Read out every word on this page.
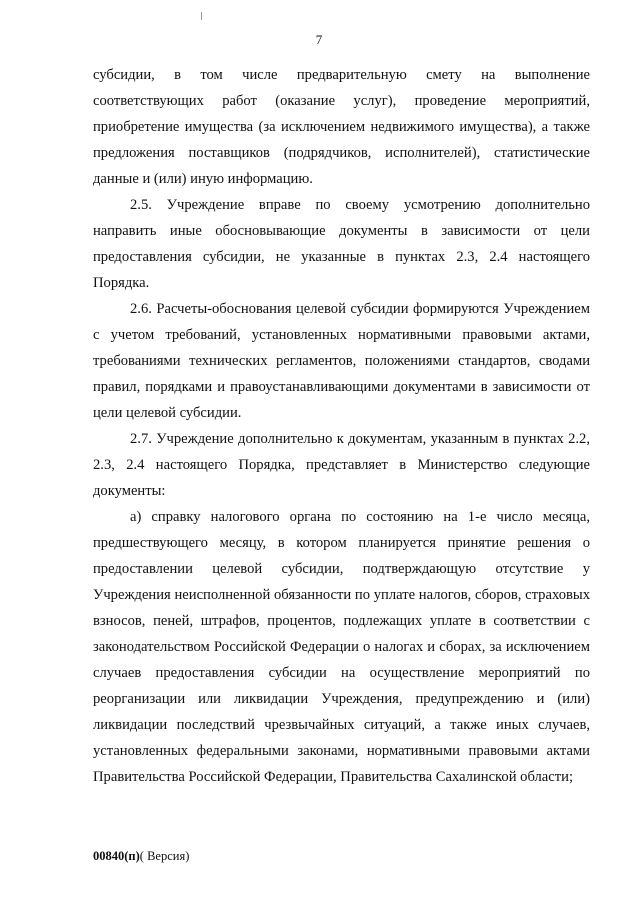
7

субсидии, в том числе предварительную смету на выполнение соответствующих работ (оказание услуг), проведение мероприятий, приобретение имущества (за исключением недвижимого имущества), а также предложения поставщиков (подрядчиков, исполнителей), статистические данные и (или) иную информацию.

2.5. Учреждение вправе по своему усмотрению дополнительно направить иные обосновывающие документы в зависимости от цели предоставления субсидии, не указанные в пунктах 2.3, 2.4 настоящего Порядка.

2.6. Расчеты-обоснования целевой субсидии формируются Учреждением с учетом требований, установленных нормативными правовыми актами, требованиями технических регламентов, положениями стандартов, сводами правил, порядками и правоустанавливающими документами в зависимости от цели целевой субсидии.

2.7. Учреждение дополнительно к документам, указанным в пунктах 2.2, 2.3, 2.4 настоящего Порядка, представляет в Министерство следующие документы:

а) справку налогового органа по состоянию на 1-е число месяца, предшествующего месяцу, в котором планируется принятие решения о предоставлении целевой субсидии, подтверждающую отсутствие у Учреждения неисполненной обязанности по уплате налогов, сборов, страховых взносов, пеней, штрафов, процентов, подлежащих уплате в соответствии с законодательством Российской Федерации о налогах и сборах, за исключением случаев предоставления субсидии на осуществление мероприятий по реорганизации или ликвидации Учреждения, предупреждению и (или) ликвидации последствий чрезвычайных ситуаций, а также иных случаев, установленных федеральными законами, нормативными правовыми актами Правительства Российской Федерации, Правительства Сахалинской области;

00840(п)( Версия)
